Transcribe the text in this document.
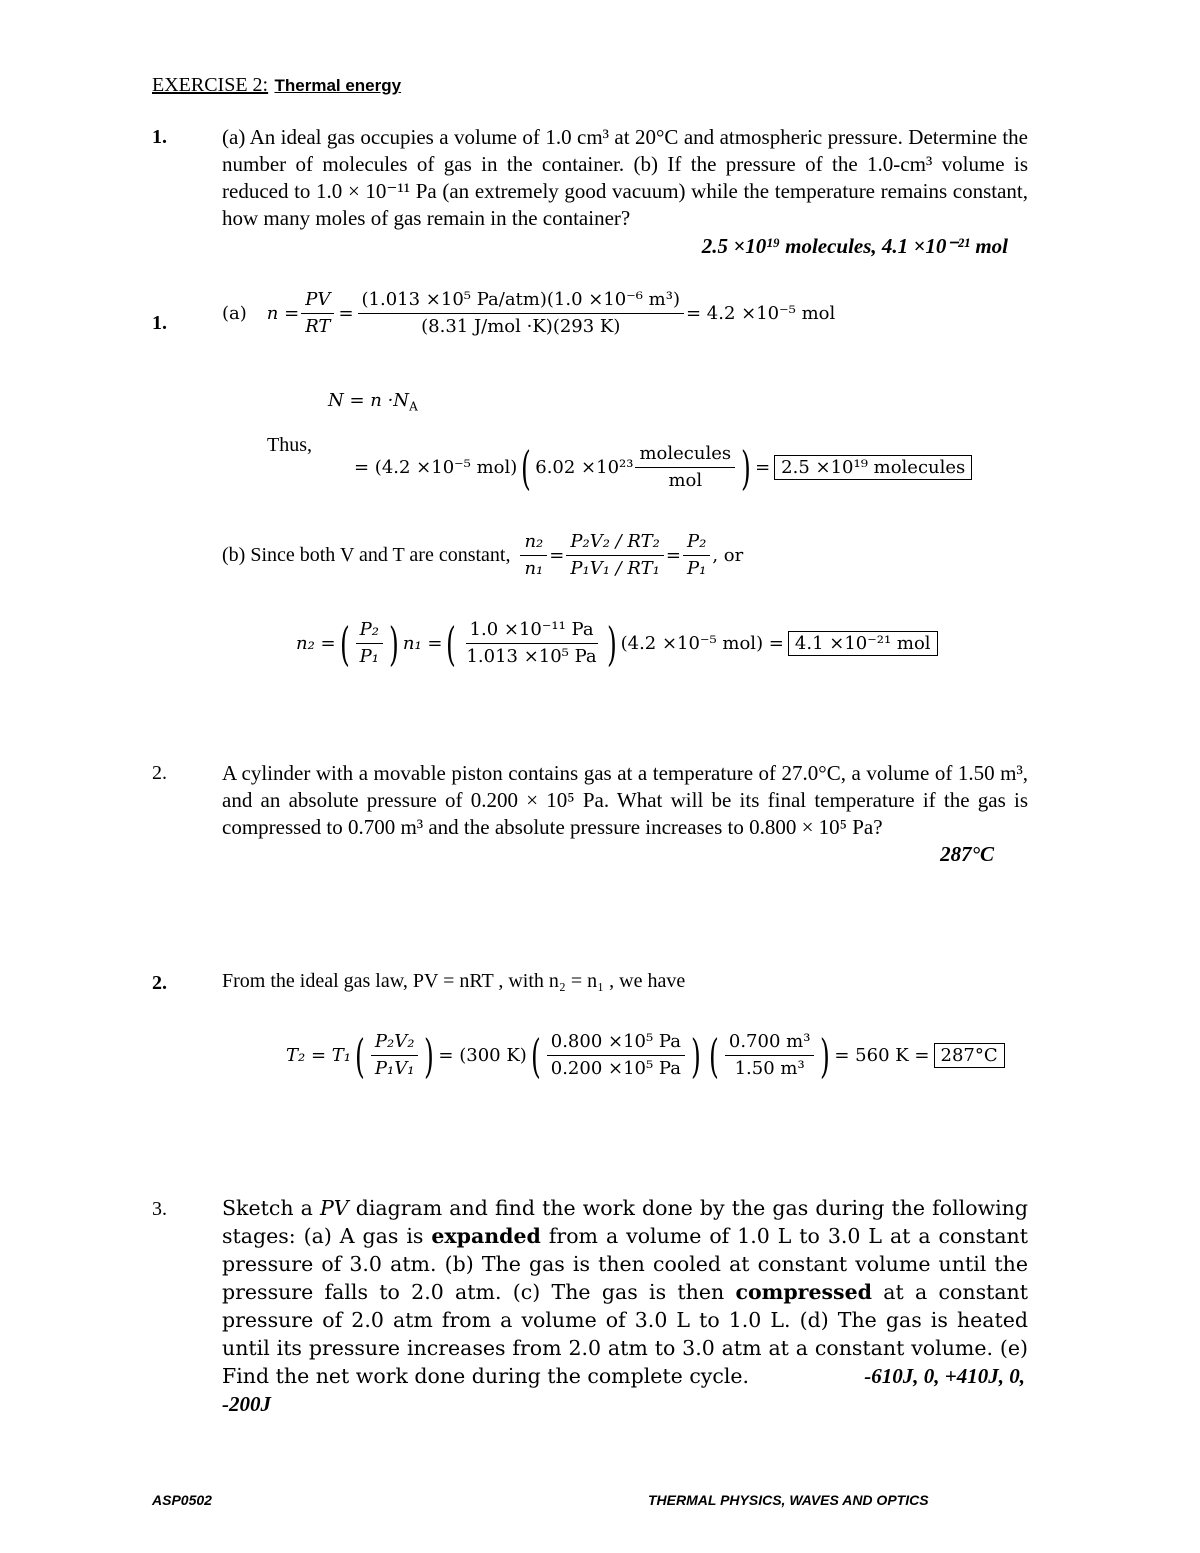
EXERCISE 2: Thermal energy
1.	(a) An ideal gas occupies a volume of 1.0 cm³ at 20°C and atmospheric pressure. Determine the number of molecules of gas in the container. (b) If the pressure of the 1.0-cm³ volume is reduced to 1.0 × 10⁻¹¹ Pa (an extremely good vacuum) while the temperature remains constant, how many moles of gas remain in the container?
2.5 ×10¹⁹ molecules, 4.1 ×10⁻²¹ mol
1.	(a) $n = \frac{PV}{RT} = \frac{\text{(1.013 ×10⁵ Pa/atm)(1.0 ×10⁻⁶ m³)}}{\text{(8.31 J/mol ·K)(293 K)}} = 4.2 \times 10^{-5}$ mol
$N = n \cdot N_A$
Thus,
= (4.2 ×10⁻⁵ mol) ( $6.02 \times 10^{23} \frac{\text{molecules}}{\text{mol}}$ ) = 2.5 ×10¹⁹ molecules
(b) Since both V and T are constant, $\frac{\text{n₂}}{\text{n₁}} = \frac{\text{P₂V₂ / RT₂}}{\text{P₁V₁ / RT₁}} = \frac{\text{P₂}}{\text{P₁}}$ , or
n₂ = ( $\frac{\text{P₂}}{\text{P₁}}$ ) n₁ = ( $\frac{\text{1.0 ×10⁻¹¹ Pa}}{\text{1.013 ×10⁵ Pa}}$ ) (4.2 ×10⁻⁵ mol) = 4.1 ×10⁻²¹ mol
2.	A cylinder with a movable piston contains gas at a temperature of 27.0°C, a volume of 1.50 m³, and an absolute pressure of 0.200 × 10⁵ Pa. What will be its final temperature if the gas is compressed to 0.700 m³ and the absolute pressure increases to 0.800 × 10⁵ Pa?
287°C
2.	From the ideal gas law, PV = nRT , with n₂ = n₁ , we have
T₂ = T₁ ( $\frac{\text{P₂V₂}}{\text{P₁V₁}}$ ) = (300 K) ( $\frac{\text{0.800 ×10⁵ Pa}}{\text{0.200 ×10⁵ Pa}}$ ) ( $\frac{\text{0.700 m³}}{\text{1.50 m³}}$ ) = 560 K = 287°C
3.	Sketch a PV diagram and find the work done by the gas during the following stages: (a) A gas is expanded from a volume of 1.0 L to 3.0 L at a constant pressure of 3.0 atm. (b) The gas is then cooled at constant volume until the pressure falls to 2.0 atm. (c) The gas is then compressed at a constant pressure of 2.0 atm from a volume of 3.0 L to 1.0 L. (d) The gas is heated until its pressure increases from 2.0 atm to 3.0 atm at a constant volume. (e) Find the net work done during the complete cycle.	-610J, 0, +410J, 0,
-200J
ASP0502	THERMAL PHYSICS, WAVES AND OPTICS
